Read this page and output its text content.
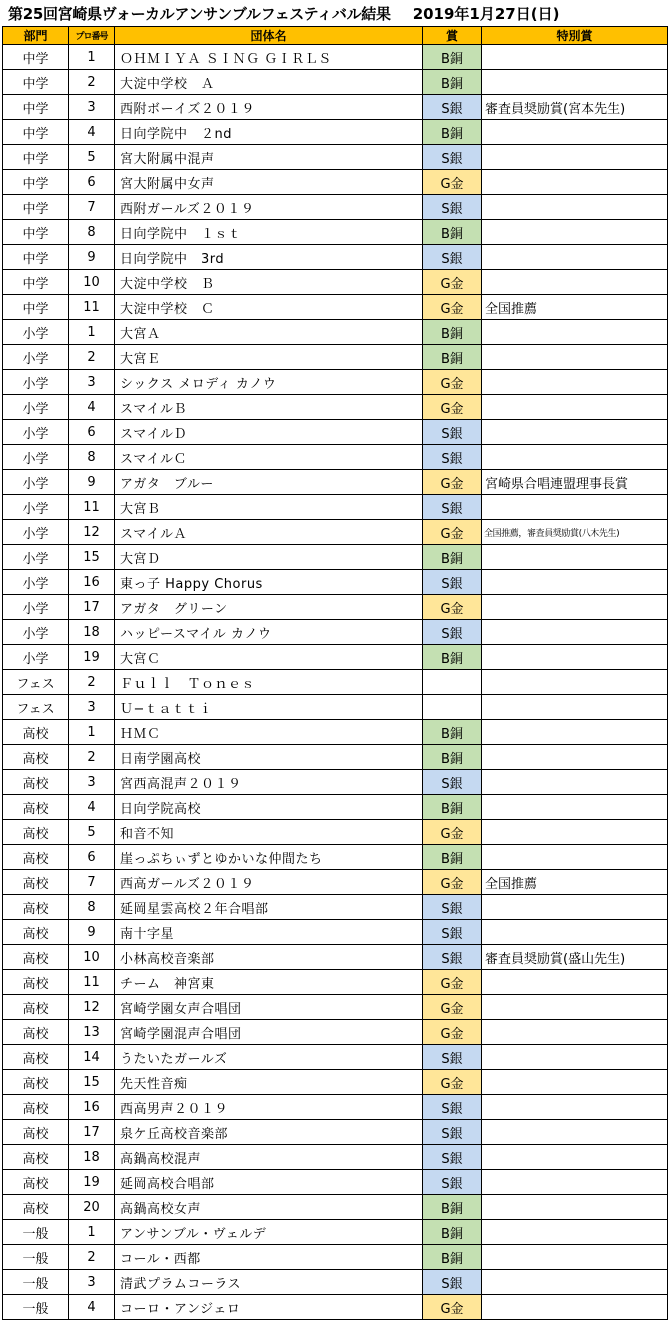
第25回宮崎県ヴォーカルアンサンブルフェスティバル結果 2019年1月27日(日)
部門	プロ番号	団体名	賞	特別賞
中学	1	ＯＨＭＩＹＡ ＳＩＮＧ ＧＩＲＬＳ	B銅	
中学	2	大淀中学校　Ａ	B銅	
中学	3	西附ボーイズ２０１９	S銀	審査員奨励賞(宮本先生)
中学	4	日向学院中　２nd	B銅	
中学	5	宮大附属中混声	S銀	
中学	6	宮大附属中女声	G金	
中学	7	西附ガールズ２０１９	S銀	
中学	8	日向学院中　１ｓｔ	B銅	
中学	9	日向学院中　3rd	S銀	
中学	10	大淀中学校　Ｂ	G金	
中学	11	大淀中学校　Ｃ	G金	全国推薦
小学	1	大宮Ａ	B銅	
小学	2	大宮Ｅ	B銅	
小学	3	シックス メロディ カノウ	G金	
小学	4	スマイルＢ	G金	
小学	6	スマイルＤ	S銀	
小学	8	スマイルＣ	S銀	
小学	9	アガタ　ブルー	G金	宮崎県合唱連盟理事長賞
小学	11	大宮Ｂ	S銀	
小学	12	スマイルＡ	G金	全国推薦，審査員奨励賞(八木先生)
小学	15	大宮Ｄ	B銅	
小学	16	東っ子 Happy Chorus	S銀	
小学	17	アガタ　グリーン	G金	
小学	18	ハッピースマイル カノウ	S銀	
小学	19	大宮Ｃ	B銅	
フェス	2	Ｆｕｌｌ　Ｔｏｎｅｓ		
フェス	3	Ｕ−ｔａｔｔｉ		
高校	1	ＨＭＣ	B銅	
高校	2	日南学園高校	B銅	
高校	3	宮西高混声２０１９	S銀	
高校	4	日向学院高校	B銅	
高校	5	和音不知	G金	
高校	6	崖っぷちぃずとゆかいな仲間たち	B銅	
高校	7	西高ガールズ２０１９	G金	全国推薦
高校	8	延岡星雲高校２年合唱部	S銀	
高校	9	南十字星	S銀	
高校	10	小林高校音楽部	S銀	審査員奨励賞(盛山先生)
高校	11	チーム　神宮東	G金	
高校	12	宮崎学園女声合唱団	G金	
高校	13	宮崎学園混声合唱団	G金	
高校	14	うたいたガールズ	S銀	
高校	15	先天性音痴	G金	
高校	16	西高男声２０１９	S銀	
高校	17	泉ケ丘高校音楽部	S銀	
高校	18	高鍋高校混声	S銀	
高校	19	延岡高校合唱部	S銀	
高校	20	高鍋高校女声	B銅	
一般	1	アンサンブル・ヴェルデ	B銅	
一般	2	コール・西都	B銅	
一般	3	清武プラムコーラス	S銀	
一般	4	コーロ・アンジェロ	G金	
